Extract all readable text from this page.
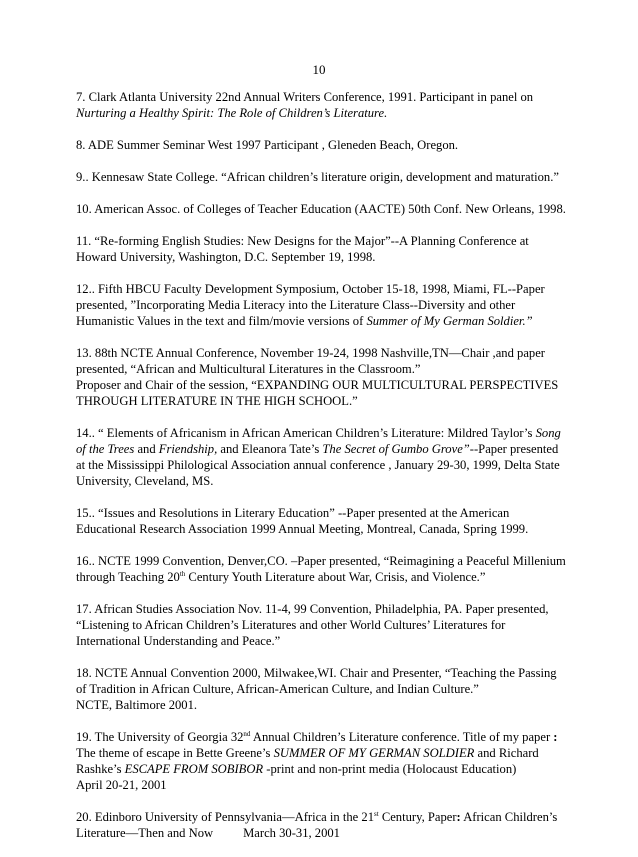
10
7. Clark Atlanta University 22nd Annual Writers Conference, 1991. Participant in panel on
Nurturing a Healthy Spirit: The Role of Children’s Literature.
8. ADE Summer Seminar West 1997 Participant , Gleneden Beach, Oregon.
9.. Kennesaw State College. “African children’s literature origin, development and maturation.”
10. American Assoc. of Colleges of Teacher Education (AACTE) 50th Conf. New Orleans, 1998.
11. “Re-forming English Studies: New Designs for the Major”--A Planning Conference at
Howard University, Washington, D.C. September 19, 1998.
12.. Fifth HBCU Faculty Development Symposium, October 15-18, 1998, Miami, FL--Paper
presented, ”Incorporating Media Literacy into the Literature Class--Diversity and other
Humanistic Values in the text and film/movie versions of Summer of My German Soldier.”
13. 88th NCTE Annual Conference, November 19-24, 1998 Nashville,TN—Chair ,and paper
presented, “African and Multicultural Literatures in the Classroom.”
Proposer and Chair of the session, “EXPANDING OUR MULTICULTURAL PERSPECTIVES
THROUGH LITERATURE IN THE HIGH SCHOOL.”
14.. “ Elements of Africanism in African American Children’s Literature: Mildred Taylor’s Song
of the Trees and Friendship, and Eleanora Tate’s The Secret of Gumbo Grove”--Paper presented
at the Mississippi Philological Association annual conference , January 29-30, 1999, Delta State
University, Cleveland, MS.
15.. “Issues and Resolutions in Literary Education” --Paper presented at the American
Educational Research Association 1999 Annual Meeting, Montreal, Canada, Spring 1999.
16.. NCTE 1999 Convention, Denver,CO. –Paper presented, “Reimagining a Peaceful Millenium
through Teaching 20th Century Youth Literature about War, Crisis, and Violence.”
17. African Studies Association Nov. 11-4, 99 Convention, Philadelphia, PA. Paper presented,
“Listening to African Children’s Literatures and other World Cultures’ Literatures for
International Understanding and Peace.”
18. NCTE Annual Convention 2000, Milwakee,WI. Chair and Presenter, “Teaching the Passing
of Tradition in African Culture, African-American Culture, and Indian Culture.”
NCTE, Baltimore 2001.
19. The University of Georgia 32nd Annual Children’s Literature conference. Title of my paper :
The theme of escape in Bette Greene’s SUMMER OF MY GERMAN SOLDIER and Richard
Rashke’s ESCAPE FROM SOBIBOR -print and non-print media (Holocaust Education)
April 20-21, 2001
20. Edinboro University of Pennsylvania—Africa in the 21st Century, Paper: African Children’s
Literature—Then and Now March 30-31, 2001
